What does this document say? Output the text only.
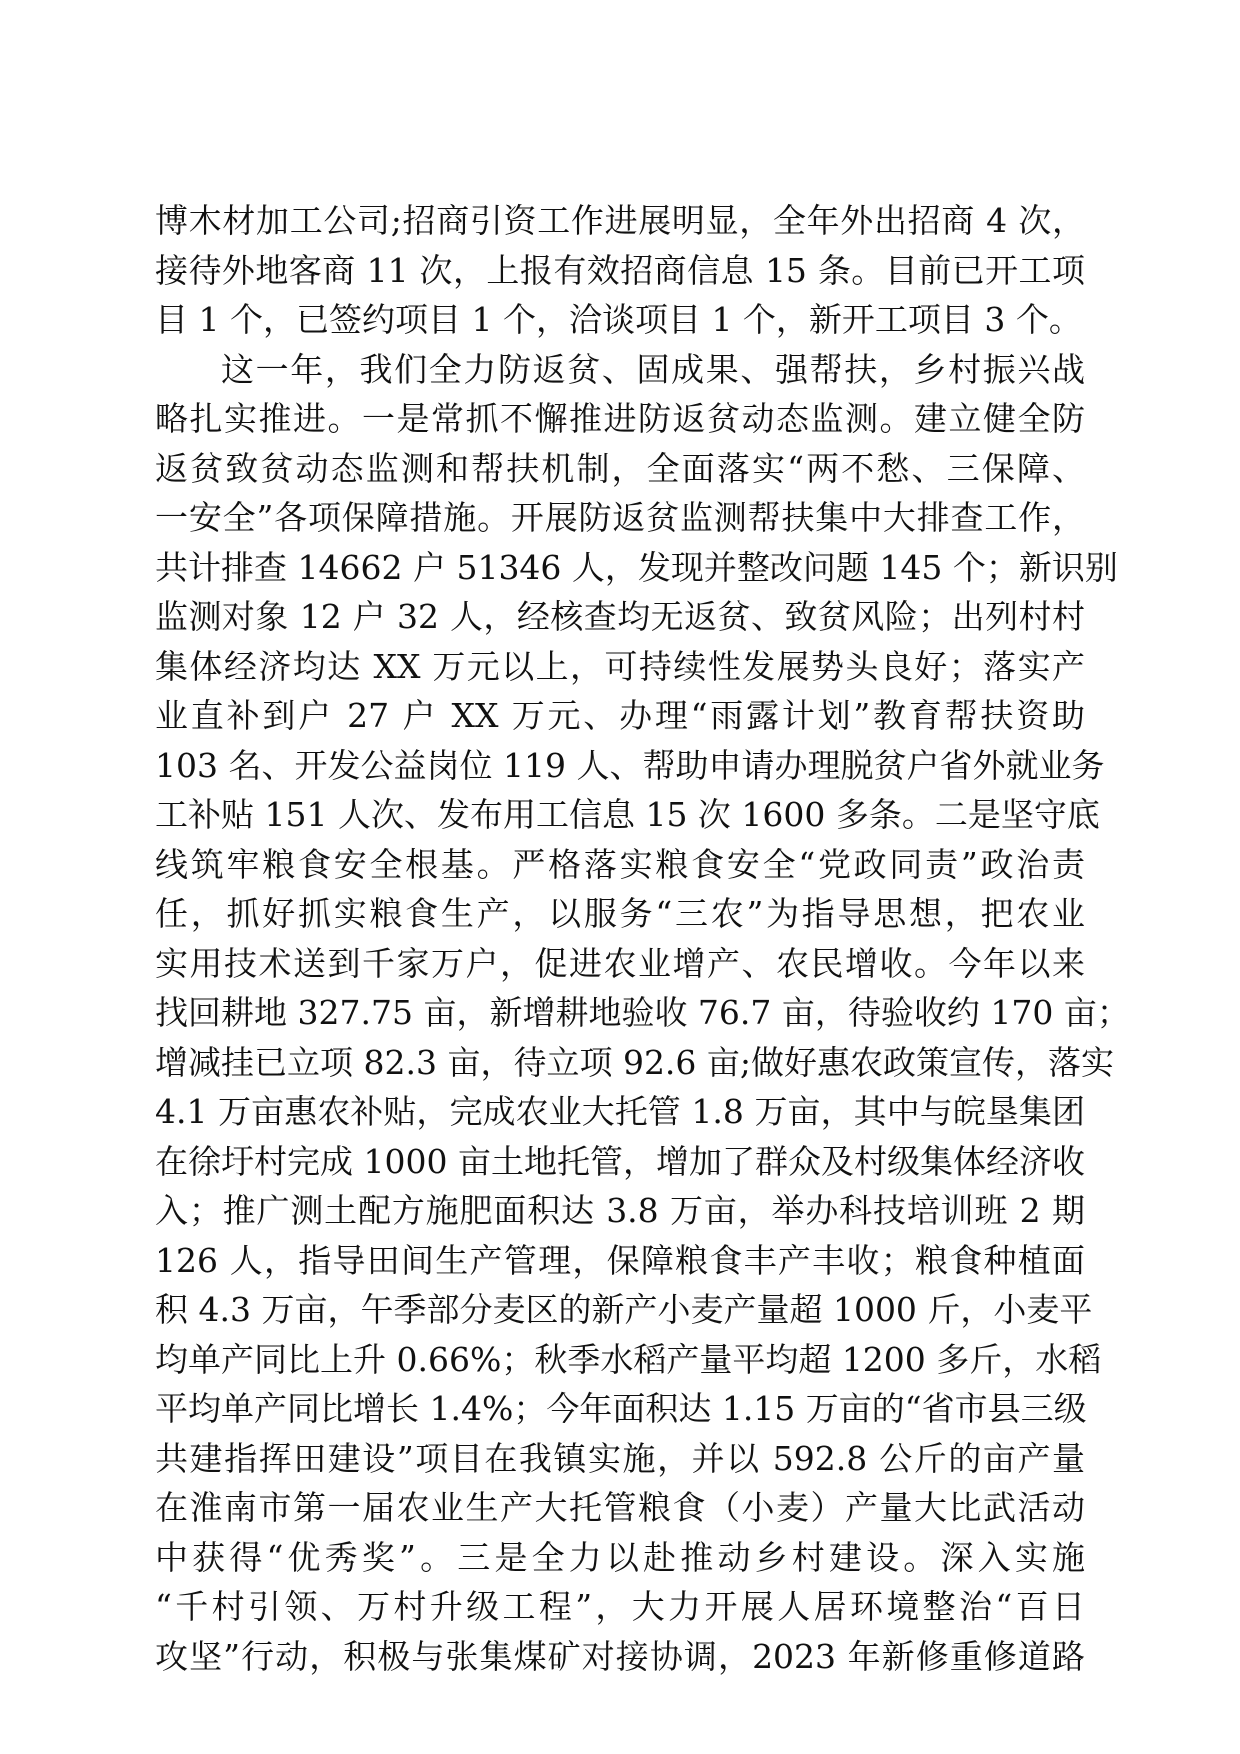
博木材加工公司;招商引资工作进展明显，全年外出招商 4 次，
接待外地客商 11 次，上报有效招商信息 15 条。目前已开工项
目 1 个，已签约项目 1 个，洽谈项目 1 个，新开工项目 3 个。
这一年，我们全力防返贫、固成果、强帮扶，乡村振兴战
略扎实推进。一是常抓不懈推进防返贫动态监测。建立健全防
返贫致贫动态监测和帮扶机制，全面落实“两不愁、三保障、
一安全”各项保障措施。开展防返贫监测帮扶集中大排查工作，
共计排查 14662 户 51346 人，发现并整改问题 145 个；新识别
监测对象 12 户 32 人，经核查均无返贫、致贫风险；出列村村
集体经济均达 XX 万元以上，可持续性发展势头良好；落实产
业直补到户 27 户 XX 万元、办理“雨露计划”教育帮扶资助
103 名、开发公益岗位 119 人、帮助申请办理脱贫户省外就业务
工补贴 151 人次、发布用工信息 15 次 1600 多条。二是坚守底
线筑牢粮食安全根基。严格落实粮食安全“党政同责”政治责
任，抓好抓实粮食生产，以服务“三农”为指导思想，把农业
实用技术送到千家万户，促进农业增产、农民增收。今年以来
找回耕地 327.75 亩，新增耕地验收 76.7 亩，待验收约 170 亩；
增减挂已立项 82.3 亩，待立项 92.6 亩;做好惠农政策宣传，落实
4.1 万亩惠农补贴，完成农业大托管 1.8 万亩，其中与皖垦集团
在徐圩村完成 1000 亩土地托管，增加了群众及村级集体经济收
入；推广测土配方施肥面积达 3.8 万亩，举办科技培训班 2 期
126 人，指导田间生产管理，保障粮食丰产丰收；粮食种植面
积 4.3 万亩，午季部分麦区的新产小麦产量超 1000 斤，小麦平
均单产同比上升 0.66%；秋季水稻产量平均超 1200 多斤，水稻
平均单产同比增长 1.4%；今年面积达 1.15 万亩的“省市县三级
共建指挥田建设”项目在我镇实施，并以 592.8 公斤的亩产量
在淮南市第一届农业生产大托管粮食（小麦）产量大比武活动
中获得“优秀奖”。三是全力以赴推动乡村建设。深入实施
“千村引领、万村升级工程”，大力开展人居环境整治“百日
攻坚”行动，积极与张集煤矿对接协调，2023 年新修重修道路
